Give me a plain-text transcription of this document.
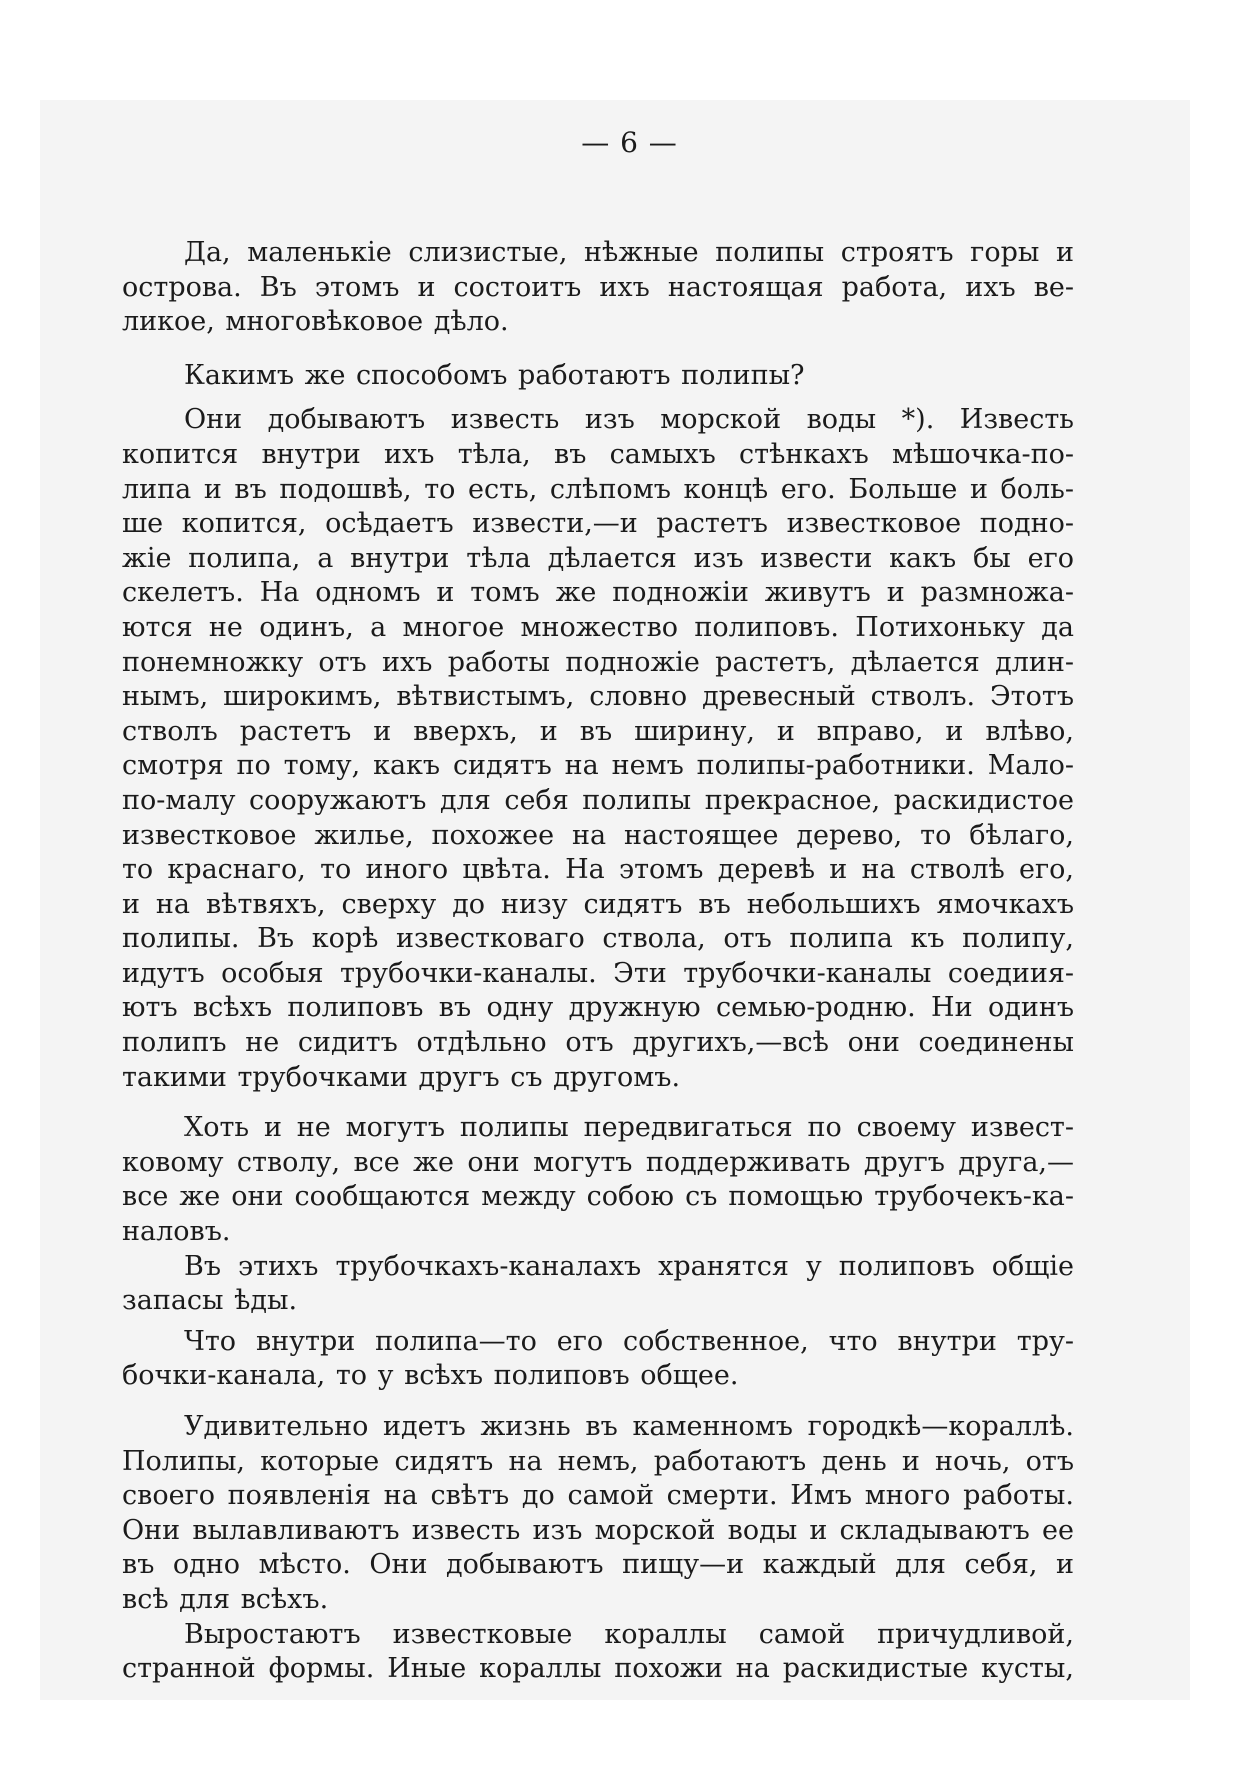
— 6 —
Да, маленькіе слизистые, нѣжные полипы строятъ горы и
острова. Въ этомъ и состоитъ ихъ настоящая работа, ихъ ве-
ликое, многовѣковое дѣло.
Какимъ же способомъ работаютъ полипы?
Они добываютъ известь изъ морской воды *). Известь
копится внутри ихъ тѣла, въ самыхъ стѣнкахъ мѣшочка-по-
липа и въ подошвѣ, то есть, слѣпомъ концѣ его. Больше и боль-
ше копится, осѣдаетъ извести,—и растетъ известковое подно-
жіе полипа, а внутри тѣла дѣлается изъ извести какъ бы его
скелетъ. На одномъ и томъ же подножіи живутъ и размножа-
ются не одинъ, а многое множество полиповъ. Потихоньку да
понемножку отъ ихъ работы подножіе растетъ, дѣлается длин-
нымъ, широкимъ, вѣтвистымъ, словно древесный стволъ. Этотъ
стволъ растетъ и вверхъ, и въ ширину, и вправо, и влѣво,
смотря по тому, какъ сидятъ на немъ полипы-работники. Мало-
по-малу сооружаютъ для себя полипы прекрасное, раскидистое
известковое жилье, похожее на настоящее дерево, то бѣлаго,
то краснаго, то иного цвѣта. На этомъ деревѣ и на стволѣ его,
и на вѣтвяхъ, сверху до низу сидятъ въ небольшихъ ямочкахъ
полипы. Въ корѣ известковаго ствола, отъ полипа къ полипу,
идутъ особыя трубочки-каналы. Эти трубочки-каналы соедиия-
ютъ всѣхъ полиповъ въ одну дружную семью-родню. Ни одинъ
полипъ не сидитъ отдѣльно отъ другихъ,—всѣ они соединены
такими трубочками другъ съ другомъ.
Хоть и не могутъ полипы передвигаться по своему извест-
ковому стволу, все же они могутъ поддерживать другъ друга,—
все же они сообщаются между собою съ помощью трубочекъ-ка-
наловъ.
Въ этихъ трубочкахъ-каналахъ хранятся у полиповъ общіе
запасы ѣды.
Что внутри полипа—то его собственное, что внутри тру-
бочки-канала, то у всѣхъ полиповъ общее.
Удивительно идетъ жизнь въ каменномъ городкѣ—кораллѣ.
Полипы, которые сидятъ на немъ, работаютъ день и ночь, отъ
своего появленія на свѣтъ до самой смерти. Имъ много работы.
Они вылавливаютъ известь изъ морской воды и складываютъ ее
въ одно мѣсто. Они добываютъ пищу—и каждый для себя, и
всѣ для всѣхъ.
Выростаютъ известковые кораллы самой причудливой,
странной формы. Иные кораллы похожи на раскидистые кусты,
